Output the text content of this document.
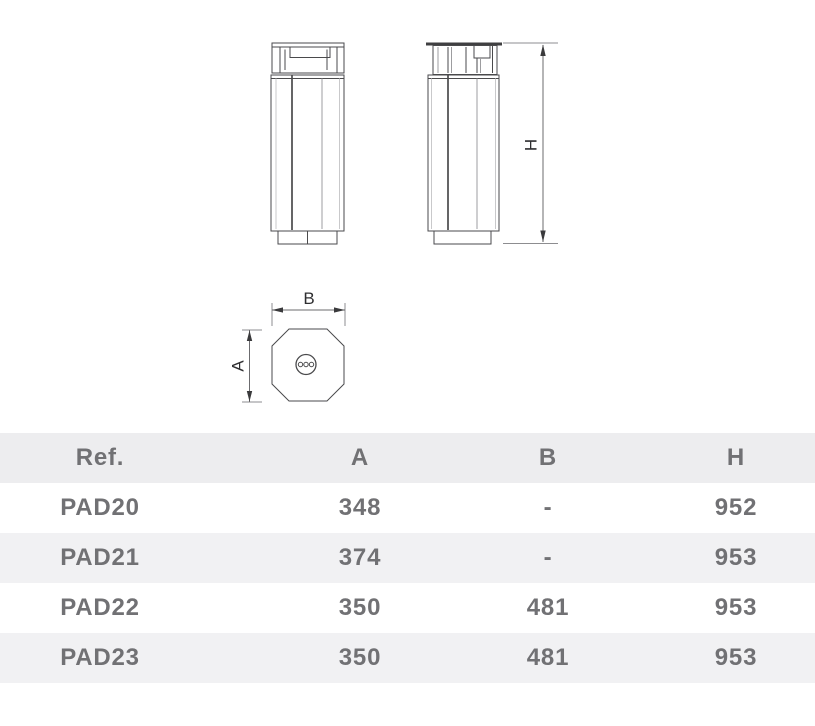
H
B
A
Ref.	A	B	H
PAD20	348	-	952
PAD21	374	-	953
PAD22	350	481	953
PAD23	350	481	953
